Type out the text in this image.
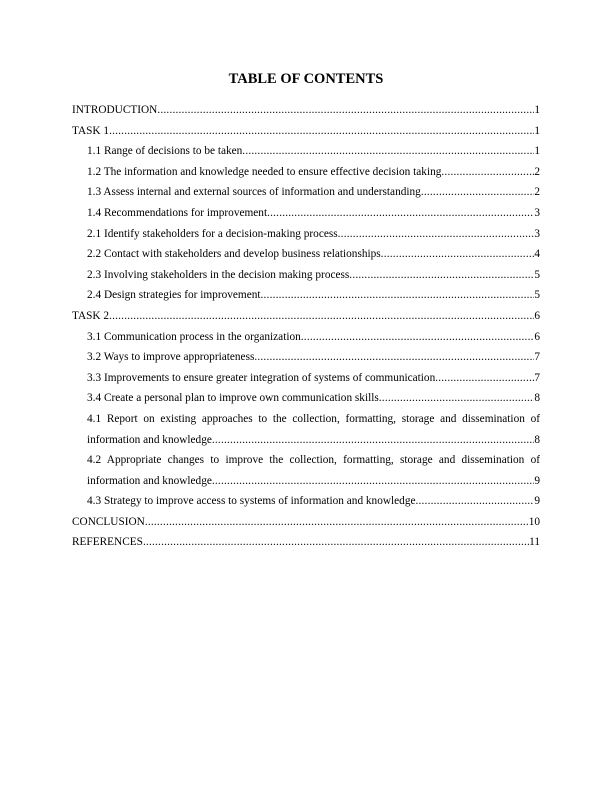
TABLE OF CONTENTS
INTRODUCTION .....	1
TASK 1 .....	1
1.1 Range of decisions to be taken .....	1
1.2 The information and knowledge needed to ensure effective decision taking .....	2
1.3 Assess internal and external sources of information and understanding .....	2
1.4 Recommendations for improvement .....	3
2.1 Identify stakeholders for a decision-making process .....	3
2.2 Contact with stakeholders and develop business relationships .....	4
2.3 Involving stakeholders in the decision making process .....	5
2.4 Design strategies for improvement .....	5
TASK 2 .....	6
3.1 Communication process in the organization .....	6
3.2 Ways to improve appropriateness .....	7
3.3 Improvements to ensure greater integration of systems of communication .....	7
3.4 Create a personal plan to improve own communication skills .....	8
4.1 Report on existing approaches to the collection, formatting, storage and dissemination of
information and knowledge .....	8
4.2 Appropriate changes to improve the collection, formatting, storage and dissemination of
information and knowledge .....	9
4.3 Strategy to improve access to systems of information and knowledge .....	9
CONCLUSION .....	10
REFERENCES .....	11
